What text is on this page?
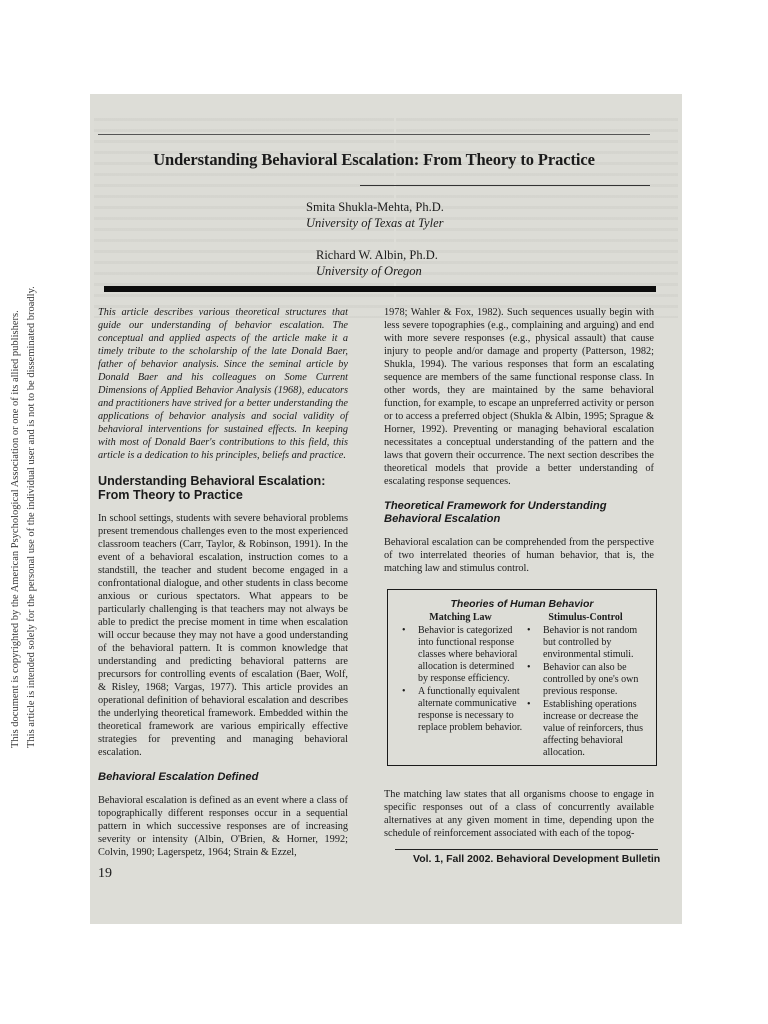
This document is copyrighted by the American Psychological Association or one of its allied publishers. This article is intended solely for the personal use of the individual user and is not to be disseminated broadly.
Understanding Behavioral Escalation: From Theory to Practice
Smita Shukla-Mehta, Ph.D.
University of Texas at Tyler
Richard W. Albin, Ph.D.
University of Oregon

This article describes various theoretical structures that guide our understanding of behavior escalation. The conceptual and applied aspects of the article make it a timely tribute to the scholarship of the late Donald Baer, father of behavior analysis. Since the seminal article by Donald Baer and his colleagues on Some Current Dimensions of Applied Behavior Analysis (1968), educators and practitioners have strived for a better understanding the applications of behavior analysis and social validity of behavioral interventions for sustained effects. In keeping with most of Donald Baer's contributions to this field, this article is a dedication to his principles, beliefs and practice.

Understanding Behavioral Escalation: From Theory to Practice

In school settings, students with severe behavioral problems present tremendous challenges even to the most experienced classroom teachers (Carr, Taylor, & Robinson, 1991). In the event of a behavioral escalation, instruction comes to a standstill, the teacher and student become engaged in a confrontational dialogue, and other students in class become anxious or curious spectators. What appears to be particularly challenging is that teachers may not always be able to predict the precise moment in time when escalation will occur because they may not have a good understanding of the behavioral pattern. It is common knowledge that understanding and predicting behavioral patterns are precursors for controlling events of escalation (Baer, Wolf, & Risley, 1968; Vargas, 1977). This article provides an operational definition of behavioral escalation and describes the underlying theoretical framework. Embedded within the theoretical framework are various empirically effective strategies for preventing and managing behavioral escalation.

Behavioral Escalation Defined

Behavioral escalation is defined as an event where a class of topographically different responses occur in a sequential pattern in which successive responses are of increasing severity or intensity (Albin, O'Brien, & Horner, 1992; Colvin, 1990; Lagerspetz, 1964; Strain & Ezzel,

1978; Wahler & Fox, 1982). Such sequences usually begin with less severe topographies (e.g., complaining and arguing) and end with more severe responses (e.g., physical assault) that cause injury to people and/or damage and property (Patterson, 1982; Shukla, 1994). The various responses that form an escalating sequence are members of the same functional response class. In other words, they are maintained by the same behavioral function, for example, to escape an unpreferred activity or person or to access a preferred object (Shukla & Albin, 1995; Sprague & Horner, 1992). Preventing or managing behavioral escalation necessitates a conceptual understanding of the pattern and the laws that govern their occurrence. The next section describes the theoretical models that provide a better understanding of escalating response sequences.

Theoretical Framework for Understanding Behavioral Escalation

Behavioral escalation can be comprehended from the perspective of two interrelated theories of human behavior, that is, the matching law and stimulus control.

Theories of Human Behavior
Matching Law
• Behavior is categorized into functional response classes where behavioral allocation is determined by response efficiency.
• A functionally equivalent alternate communicative response is necessary to replace problem behavior.
Stimulus-Control
• Behavior is not random but controlled by environmental stimuli.
• Behavior can also be controlled by one's own previous response.
• Establishing operations increase or decrease the value of reinforcers, thus affecting behavioral allocation.
The matching law states that all organisms choose to engage in specific responses out of a class of concurrently available alternatives at any given moment in time, depending upon the schedule of reinforcement associated with each of the topog-
19
Vol. 1, Fall 2002. Behavioral Development Bulletin
